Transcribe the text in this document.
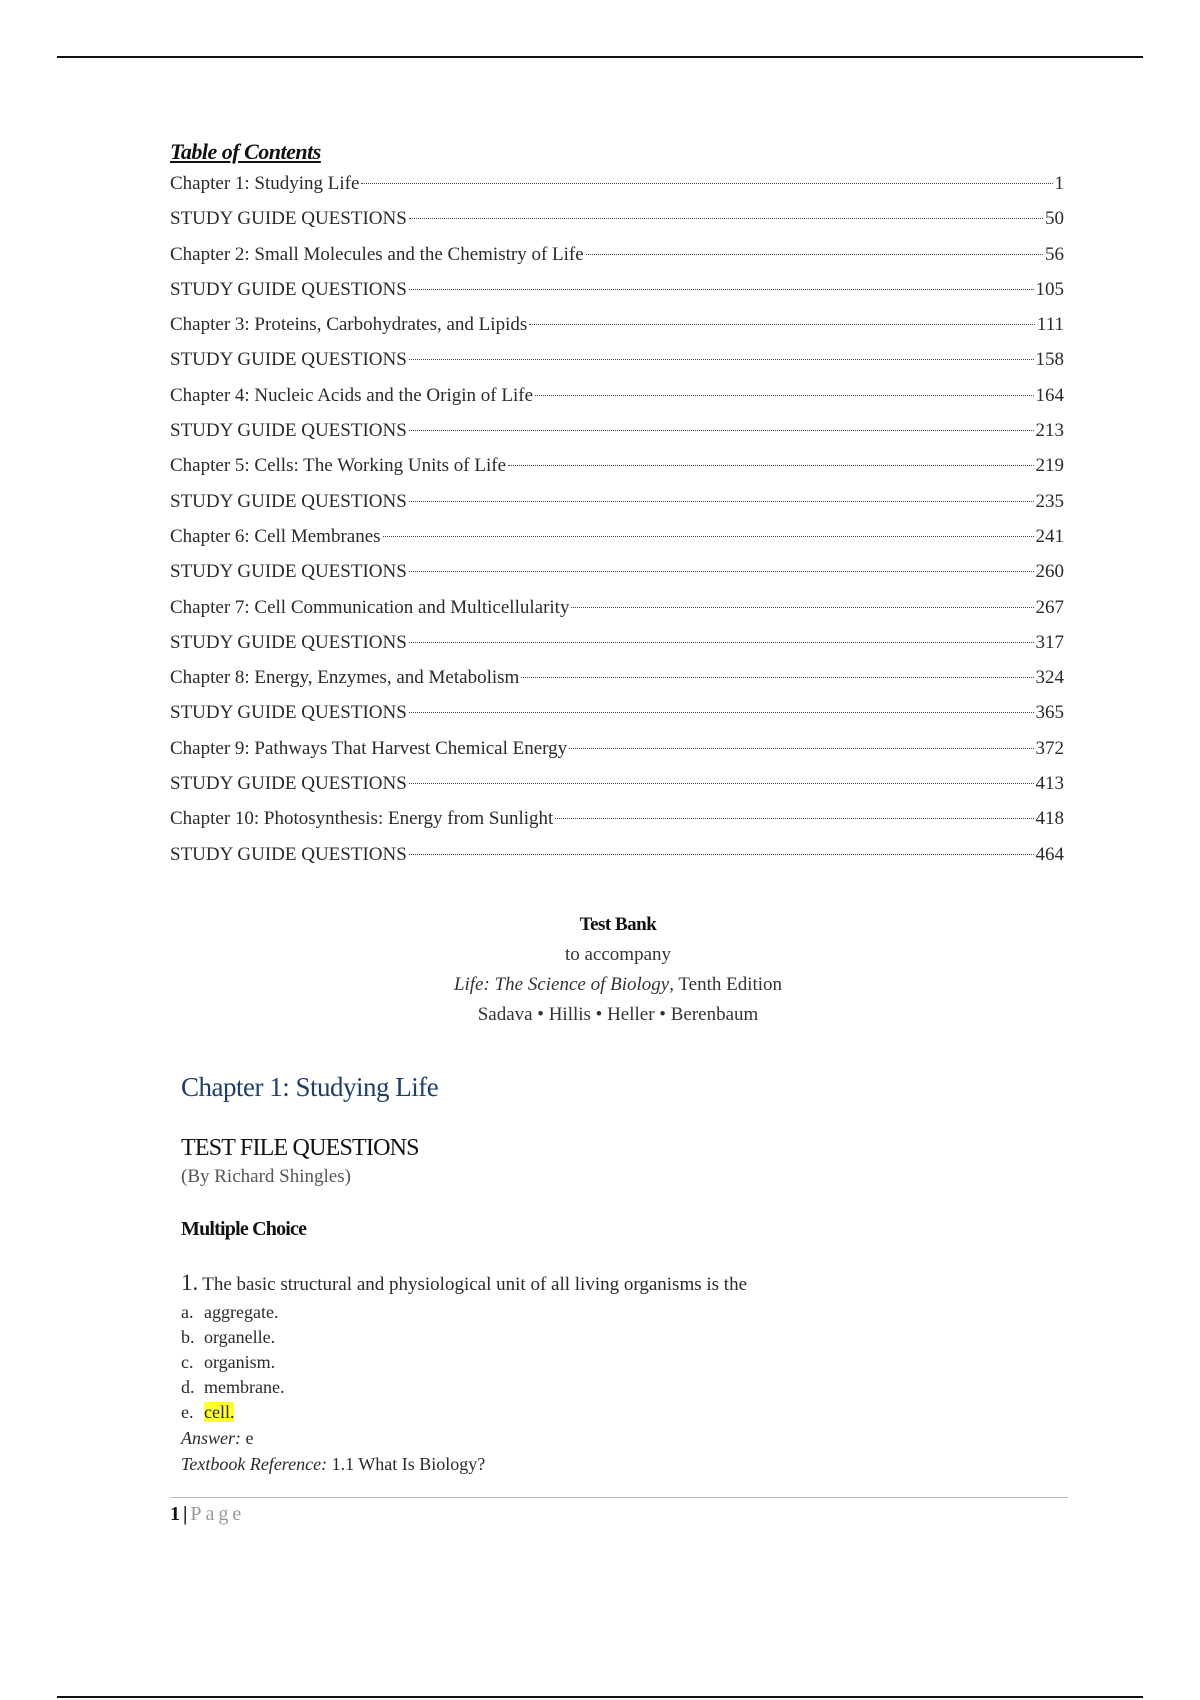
Table of Contents
Chapter 1: Studying Life	1
STUDY GUIDE QUESTIONS	50
Chapter 2: Small Molecules and the Chemistry of Life	56
STUDY GUIDE QUESTIONS	105
Chapter 3: Proteins, Carbohydrates, and Lipids	111
STUDY GUIDE QUESTIONS	158
Chapter 4: Nucleic Acids and the Origin of Life	164
STUDY GUIDE QUESTIONS	213
Chapter 5: Cells: The Working Units of Life	219
STUDY GUIDE QUESTIONS	235
Chapter 6: Cell Membranes	241
STUDY GUIDE QUESTIONS	260
Chapter 7: Cell Communication and Multicellularity	267
STUDY GUIDE QUESTIONS	317
Chapter 8: Energy, Enzymes, and Metabolism	324
STUDY GUIDE QUESTIONS	365
Chapter 9: Pathways That Harvest Chemical Energy	372
STUDY GUIDE QUESTIONS	413
Chapter 10: Photosynthesis: Energy from Sunlight	418
STUDY GUIDE QUESTIONS	464
Test Bank
to accompany
Life: The Science of Biology, Tenth Edition
Sadava • Hillis • Heller • Berenbaum
Chapter 1: Studying Life
TEST FILE QUESTIONS
(By Richard Shingles)
Multiple Choice
1. The basic structural and physiological unit of all living organisms is the
a. aggregate.
b. organelle.
c. organism.
d. membrane.
e. cell.
Answer: e
Textbook Reference: 1.1 What Is Biology?
1 | Page
